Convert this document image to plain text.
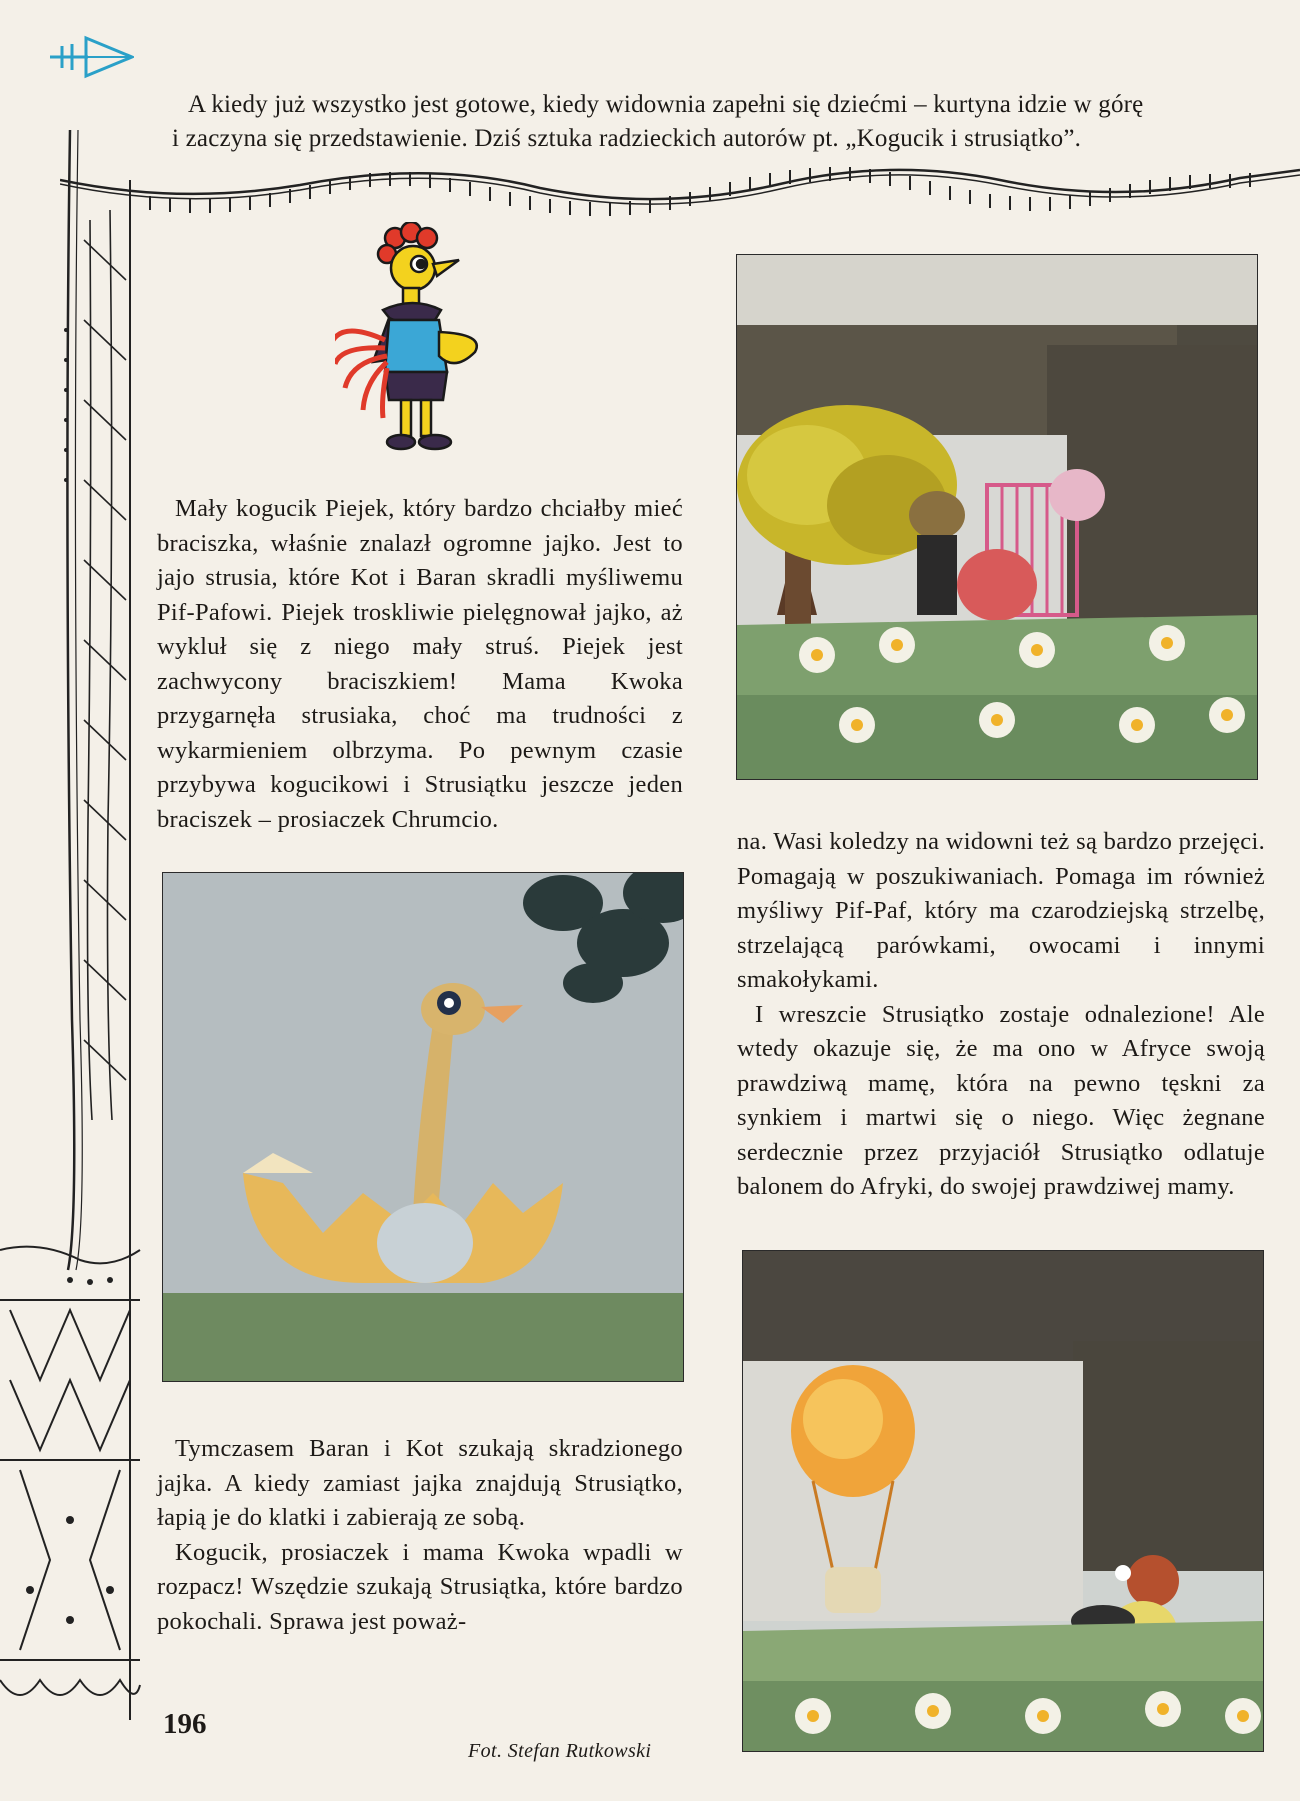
A kiedy już wszystko jest gotowe, kiedy widownia zapełni się dziećmi – kurtyna idzie w górę

i zaczyna się przedstawienie. Dziś sztuka radzieckich autorów pt. „Kogucik i strusiątko”.

Mały kogucik Piejek, który bardzo chciałby mieć braciszka, właśnie znalazł ogromne jajko. Jest to jajo strusia, które Kot i Baran skradli myśliwemu Pif-Pafowi. Piejek troskliwie pielęgnował jajko, aż wykluł się z niego mały struś. Piejek jest zachwycony braciszkiem! Mama Kwoka przygarnęła strusiaka, choć ma trudności z wykarmieniem olbrzyma. Po pewnym czasie przybywa kogucikowi i Strusiątku jeszcze jeden braciszek – prosiaczek Chrumcio.

na. Wasi koledzy na widowni też są bardzo przejęci. Pomagają w poszukiwaniach. Pomaga im również myśliwy Pif-Paf, który ma czarodziejską strzelbę, strzelającą parówkami, owocami i innymi smakołykami.

I wreszcie Strusiątko zostaje odnalezione! Ale wtedy okazuje się, że ma ono w Afryce swoją prawdziwą mamę, która na pewno tęskni za synkiem i martwi się o niego. Więc żegnane serdecznie przez przyjaciół Strusiątko odlatuje balonem do Afryki, do swojej prawdziwej mamy.

Tymczasem Baran i Kot szukają skradzionego jajka. A kiedy zamiast jajka znajdują Strusiątko, łapią je do klatki i zabierają ze sobą.

Kogucik, prosiaczek i mama Kwoka wpadli w rozpacz! Wszędzie szukają Strusiątka, które bardzo pokochali. Sprawa jest poważ-

196
Fot. Stefan Rutkowski
